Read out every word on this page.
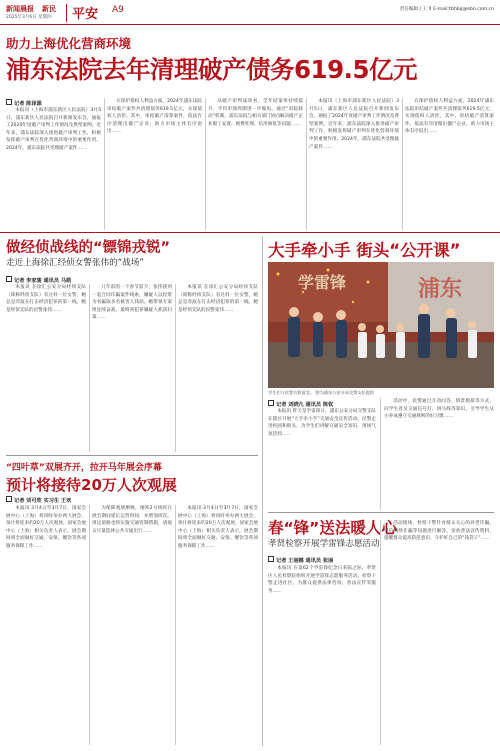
新闻晨报 新民
2025年3月6日 星期四 平安 A9	责任编辑 / 王 X E-mail:tbhbq@ebn.com.cn
助力上海优化营商环境
浦东法院去年清理破产债务619.5亿元
记者 陈泽源

本报讯（上海市浦东新区人民法院）3月5日，浦东新区人民法院召开新闻发布会，通报了2024年度破产审判工作情况及典型案例。近年来，浦东法院深入推进破产审判工作，积极发挥破产审判在优化营商环境中的重要作用。2024年，浦东法院共受理破产案件……

在保护债权人利益方面，2024年浦东法院审结破产案件共清理债务619.5亿元，实现债权人清偿。其中，审结破产清算案件，依法有序清理出僵尸企业，助力市场主体有序退出……

从破产审判质效看，全年结案率持续提升，平均审理周期进一步缩短。通过“府院联动”机制，浦东法院与相关部门协同解决破产企业职工安置、税费处理、信用修复等问题……

本报讯（上海市浦东新区人民法院）3月5日，浦东新区人民法院召开新闻发布会，通报了2024年度破产审判工作情况及典型案例。近年来，浦东法院深入推进破产审判工作，积极发挥破产审判在优化营商环境中的重要作用。2024年，浦东法院共受理破产案件……

在保护债权人利益方面，2024年浦东法院审结破产案件共清理债务619.5亿元，实现债权人清偿。其中，审结破产清算案件，依法有序清理出僵尸企业，助力市场主体有序退出……

做经侦战线的“镖锦戎锐”
走近上海徐汇经侦女警张伟的“战场”
记者 李家骏 通讯员 马皓

本报讯 在徐汇公安分局经侦支队（简称经侦支队）有这样一位女警，她总是奔波在打击经济犯罪的第一线。她是经侦支队的民警张伟……

几年前的一个春节前夕，张伟接到一起合同诈骗案件线索，嫌疑人以投资为名骗取多名被害人钱款。她带领专案组连续奋战，最终将犯罪嫌疑人抓获归案……

本报讯 在徐汇公安分局经侦支队（简称经侦支队）有这样一位女警，她总是奔波在打击经济犯罪的第一线。她是经侦支队的民警张伟……

“四叶草”双展齐开，拉开马年展会序幕
预计将接待20万人次观展
记者 刘可欣 实习生 王欢

本报讯 3月4日至3月7日，国家会展中心（上海）将同时举办两大展会，预计将迎来约20万人次观展。国家会展中心（上海）相关负责人表示，展会期间将全面做好交通、安保、餐饮等各项服务保障工作……

为保障观展顺畅，地铁2号线将在展会期间延长运营时间，并增加班次。周边道路也将实施交通管制措施，请观众尽量选择公共交通出行……

本报讯 3月4日至3月7日，国家会展中心（上海）将同时举办两大展会，预计将迎来约20万人次观展。国家会展中心（上海）相关负责人表示，展会期间将全面做好交通、安保、餐饮等各项服务保障工作……

大手牵小手 街头“公开课”
学雷锋	浦东
学生们与民警合影留念。 图为浦东公安分局交警支队提供
记者 刘晓凡 通讯员 陈钦

本报讯 昨天是学雷锋日，浦东公安分局交警支队在辖区开展“大手牵小手”交通安全宣传活动。民警走进校园和街头，为学生们讲解交通安全知识，现场气氛热烈……

活动中，民警通过互动问答、情景模拟等方式，向学生普及交通信号灯、斑马线等知识，引导学生从小养成遵守交通规则的好习惯……

春“锋”送法暖人心
孝贤检察开展学雷锋志愿活动
记者 王丽娜 通讯员 张丽

本报讯 在第62个学雷锋纪念日来临之际，奉贤区人民检察院组织开展学雷锋志愿服务活动。检察干警走进社区，为群众提供法律咨询、普法宣传等服务……

活动现场，检察干警针对群众关心的养老诈骗、电信网络诈骗等问题进行解答，发放普法宣传资料，提醒群众提高防范意识，守护好自己的“钱袋子”……
